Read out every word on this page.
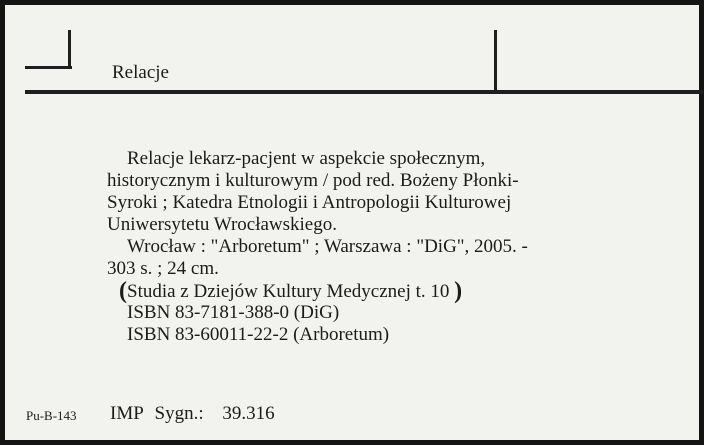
Relacje
Relacje lekarz-pacjent w aspekcie społecznym,
historycznym i kulturowym / pod red. Bożeny Płonki-
Syroki ; Katedra Etnologii i Antropologii Kulturowej
Uniwersytetu Wrocławskiego.
Wrocław : "Arboretum" ; Warszawa : "DiG", 2005. -
303 s. ; 24 cm.
(Studia z Dziejów Kultury Medycznej t. 10 )
ISBN 83-7181-388-0 (DiG)
ISBN 83-60011-22-2 (Arboretum)
Pu-B-143 IMP Sygn.: 39.316
